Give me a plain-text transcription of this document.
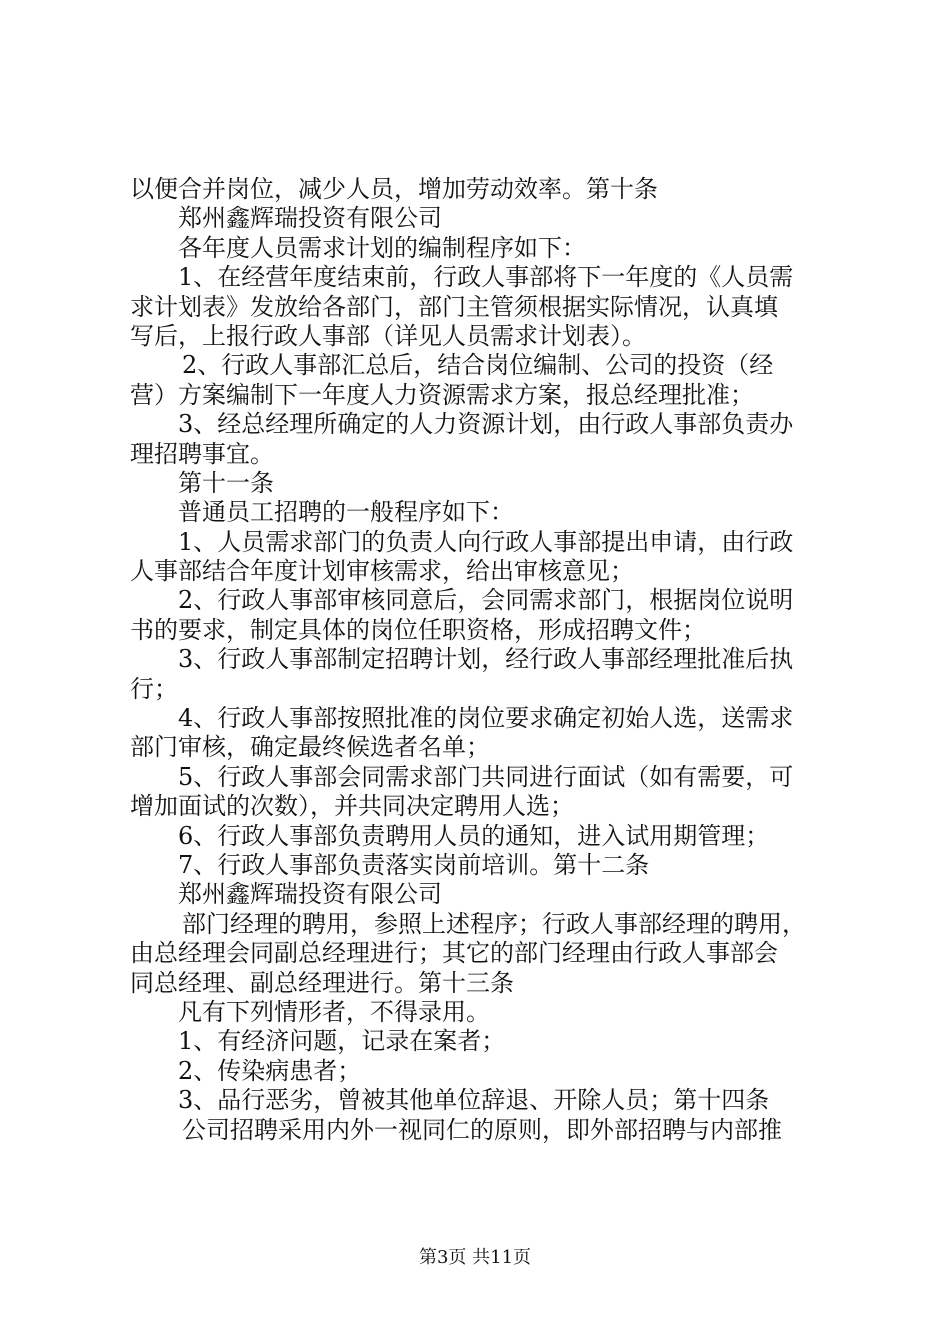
以便合并岗位，减少人员，增加劳动效率。第十条
郑州鑫辉瑞投资有限公司
各年度人员需求计划的编制程序如下：
1、在经营年度结束前，行政人事部将下一年度的《人员需
求计划表》发放给各部门，部门主管须根据实际情况，认真填
写后，上报行政人事部（详见人员需求计划表）。
2、行政人事部汇总后，结合岗位编制、公司的投资（经
营）方案编制下一年度人力资源需求方案，报总经理批准；
3、经总经理所确定的人力资源计划，由行政人事部负责办
理招聘事宜。
第十一条
普通员工招聘的一般程序如下：
1、人员需求部门的负责人向行政人事部提出申请，由行政
人事部结合年度计划审核需求，给出审核意见；
2、行政人事部审核同意后，会同需求部门，根据岗位说明
书的要求，制定具体的岗位任职资格，形成招聘文件；
3、行政人事部制定招聘计划，经行政人事部经理批准后执
行；
4、行政人事部按照批准的岗位要求确定初始人选，送需求
部门审核，确定最终候选者名单；
5、行政人事部会同需求部门共同进行面试（如有需要，可
增加面试的次数），并共同决定聘用人选；
6、行政人事部负责聘用人员的通知，进入试用期管理；
7、行政人事部负责落实岗前培训。第十二条
郑州鑫辉瑞投资有限公司
部门经理的聘用，参照上述程序；行政人事部经理的聘用，
由总经理会同副总经理进行；其它的部门经理由行政人事部会
同总经理、副总经理进行。第十三条
凡有下列情形者，不得录用。
1、有经济问题，记录在案者；
2、传染病患者；
3、品行恶劣，曾被其他单位辞退、开除人员；第十四条
公司招聘采用内外一视同仁的原则，即外部招聘与内部推
第3页 共11页
